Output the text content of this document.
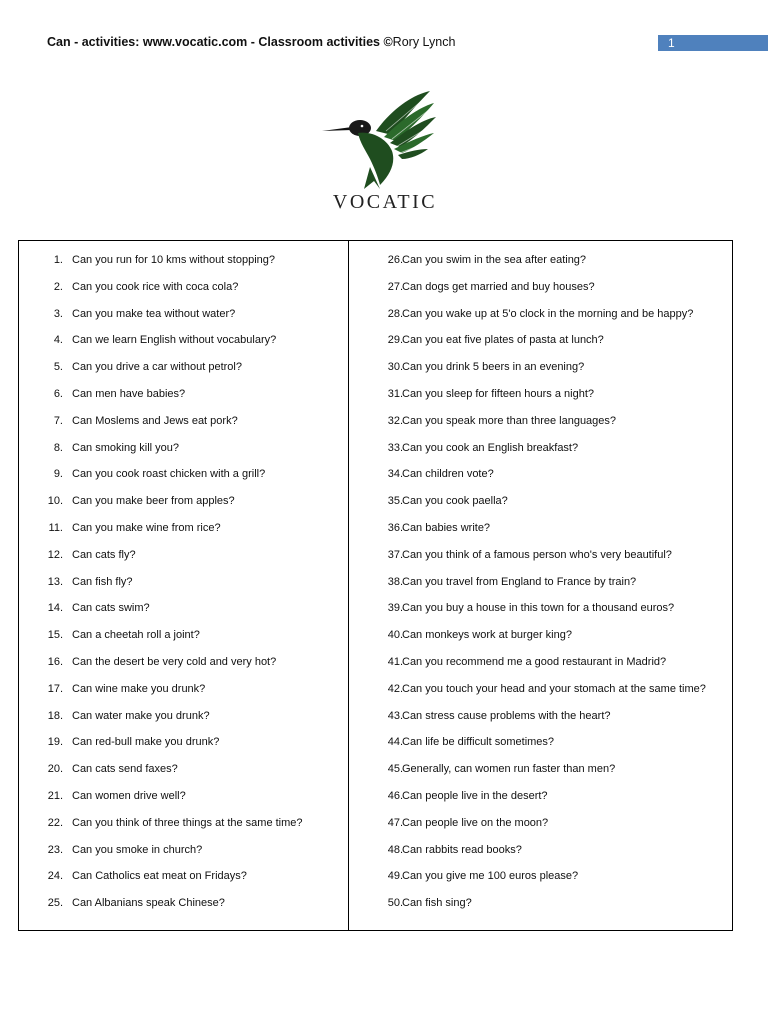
Can - activities: www.vocatic.com - Classroom activities ©Rory Lynch	1
VOCATIC
1. Can you run for 10 kms without stopping?
2. Can you cook rice with coca cola?
3. Can you make tea without water?
4. Can we learn English without vocabulary?
5. Can you drive a car without petrol?
6. Can men have babies?
7. Can Moslems and Jews eat pork?
8. Can smoking kill you?
9. Can you cook roast chicken with a grill?
10. Can you make beer from apples?
11. Can you make wine from rice?
12. Can cats fly?
13. Can fish fly?
14. Can cats swim?
15. Can a cheetah roll a joint?
16. Can the desert be very cold and very hot?
17. Can wine make you drunk?
18. Can water make you drunk?
19. Can red-bull make you drunk?
20. Can cats send faxes?
21. Can women drive well?
22. Can you think of three things at the same time?
23. Can you smoke in church?
24. Can Catholics eat meat on Fridays?
25. Can Albanians speak Chinese?
26. Can you swim in the sea after eating?
27. Can dogs get married and buy houses?
28. Can you wake up at 5'o clock in the morning and be happy?
29. Can you eat five plates of pasta at lunch?
30. Can you drink 5 beers in an evening?
31. Can you sleep for fifteen hours a night?
32. Can you speak more than three languages?
33. Can you cook an English breakfast?
34. Can children vote?
35. Can you cook paella?
36. Can babies write?
37. Can you think of a famous person who's very beautiful?
38. Can you travel from England to France by train?
39. Can you buy a house in this town for a thousand euros?
40. Can monkeys work at burger king?
41. Can you recommend me a good restaurant in Madrid?
42. Can you touch your head and your stomach at the same time?
43. Can stress cause problems with the heart?
44. Can life be difficult sometimes?
45. Generally, can women run faster than men?
46. Can people live in the desert?
47. Can people live on the moon?
48. Can rabbits read books?
49. Can you give me 100 euros please?
50. Can fish sing?
